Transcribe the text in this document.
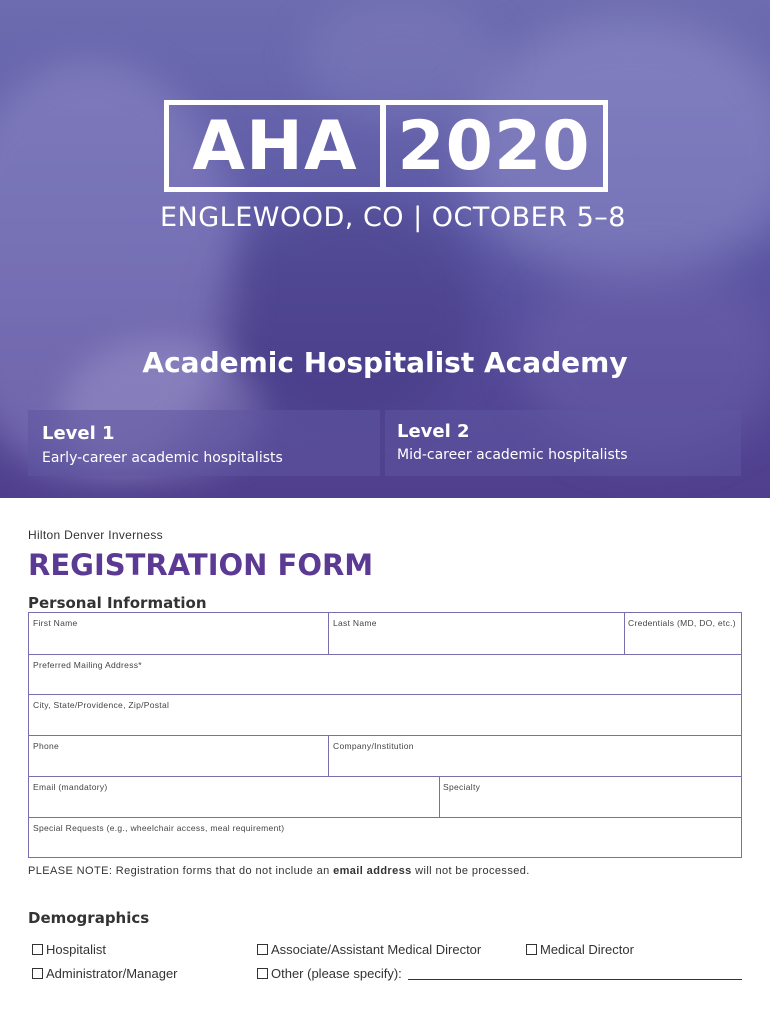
AHA 2020
ENGLEWOOD, CO | OCTOBER 5–8
Academic Hospitalist Academy
Level 1
Early-career academic hospitalists
Level 2
Mid-career academic hospitalists
Hilton Denver Inverness
REGISTRATION FORM
Personal Information
First Name	Last Name	Credentials (MD, DO, etc.)
Preferred Mailing Address*
City, State/Providence, Zip/Postal
Phone	Company/Institution
Email (mandatory)	Specialty
Special Requests (e.g., wheelchair access, meal requirement)
PLEASE NOTE: Registration forms that do not include an email address will not be processed.
Demographics
Hospitalist	Associate/Assistant Medical Director	Medical Director
Administrator/Manager	Other (please specify):
